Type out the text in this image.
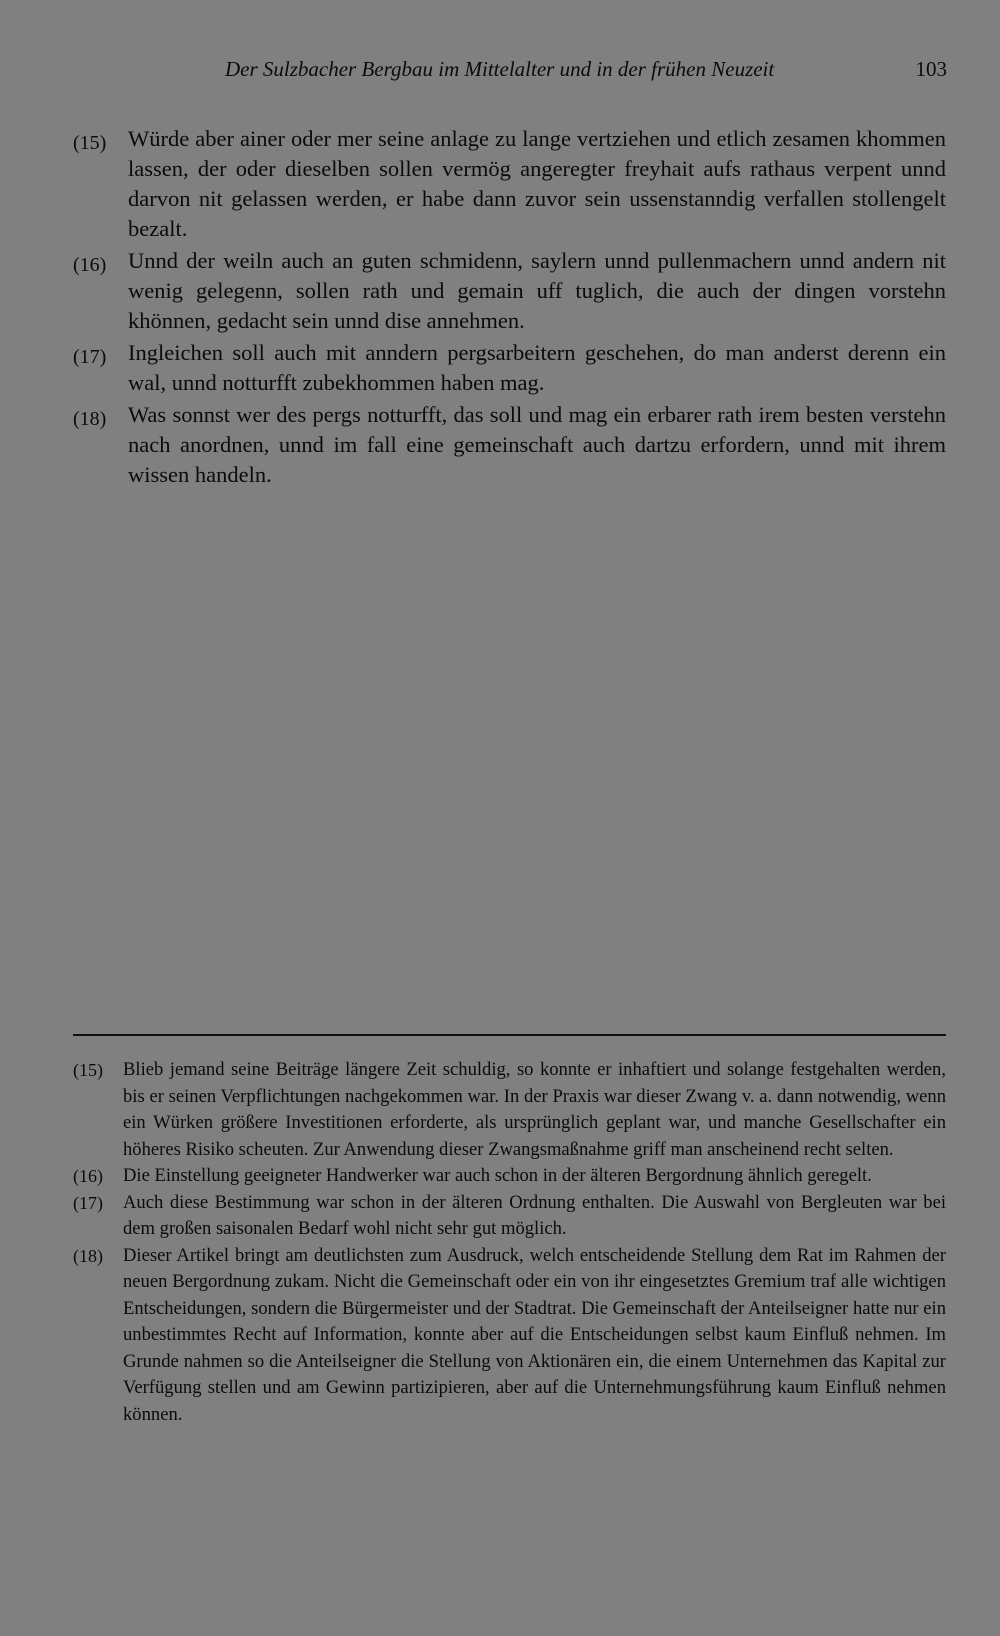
Der Sulzbacher Bergbau im Mittelalter und in der frühen Neuzeit	103
(15) Würde aber ainer oder mer seine anlage zu lange vertziehen und etlich zesamen khommen lassen, der oder dieselben sollen vermög angeregter freyhait aufs rathaus verpent unnd darvon nit gelassen werden, er habe dann zuvor sein ussenstanndig verfallen stollengelt bezalt.
(16) Unnd der weiln auch an guten schmidenn, saylern unnd pullenmachern unnd andern nit wenig gelegenn, sollen rath und gemain uff tuglich, die auch der dingen vorstehn khönnen, gedacht sein unnd dise annehmen.
(17) Ingleichen soll auch mit anndern pergsarbeitern geschehen, do man anderst derenn ein wal, unnd notturfft zubekhommen haben mag.
(18) Was sonnst wer des pergs notturfft, das soll und mag ein erbarer rath irem besten verstehn nach anordnen, unnd im fall eine gemeinschaft auch dartzu erfordern, unnd mit ihrem wissen handeln.
(15)	Blieb jemand seine Beiträge längere Zeit schuldig, so konnte er inhaftiert und solange festgehalten werden, bis er seinen Verpflichtungen nachgekommen war. In der Praxis war dieser Zwang v. a. dann notwendig, wenn ein Würken größere Investitionen erforderte, als ursprünglich geplant war, und manche Gesellschafter ein höheres Risiko scheuten. Zur Anwendung dieser Zwangsmaßnahme griff man anscheinend recht selten.
(16)	Die Einstellung geeigneter Handwerker war auch schon in der älteren Bergordnung ähnlich geregelt.
(17)	Auch diese Bestimmung war schon in der älteren Ordnung enthalten. Die Auswahl von Bergleuten war bei dem großen saisonalen Bedarf wohl nicht sehr gut möglich.
(18)	Dieser Artikel bringt am deutlichsten zum Ausdruck, welch entscheidende Stellung dem Rat im Rahmen der neuen Bergordnung zukam. Nicht die Gemeinschaft oder ein von ihr eingesetztes Gremium traf alle wichtigen Entscheidungen, sondern die Bürgermeister und der Stadtrat. Die Gemeinschaft der Anteilseigner hatte nur ein unbestimmtes Recht auf Information, konnte aber auf die Entscheidungen selbst kaum Einfluß nehmen. Im Grunde nahmen so die Anteilseigner die Stellung von Aktionären ein, die einem Unternehmen das Kapital zur Verfügung stellen und am Gewinn partizipieren, aber auf die Unternehmungsführung kaum Einfluß nehmen können.
